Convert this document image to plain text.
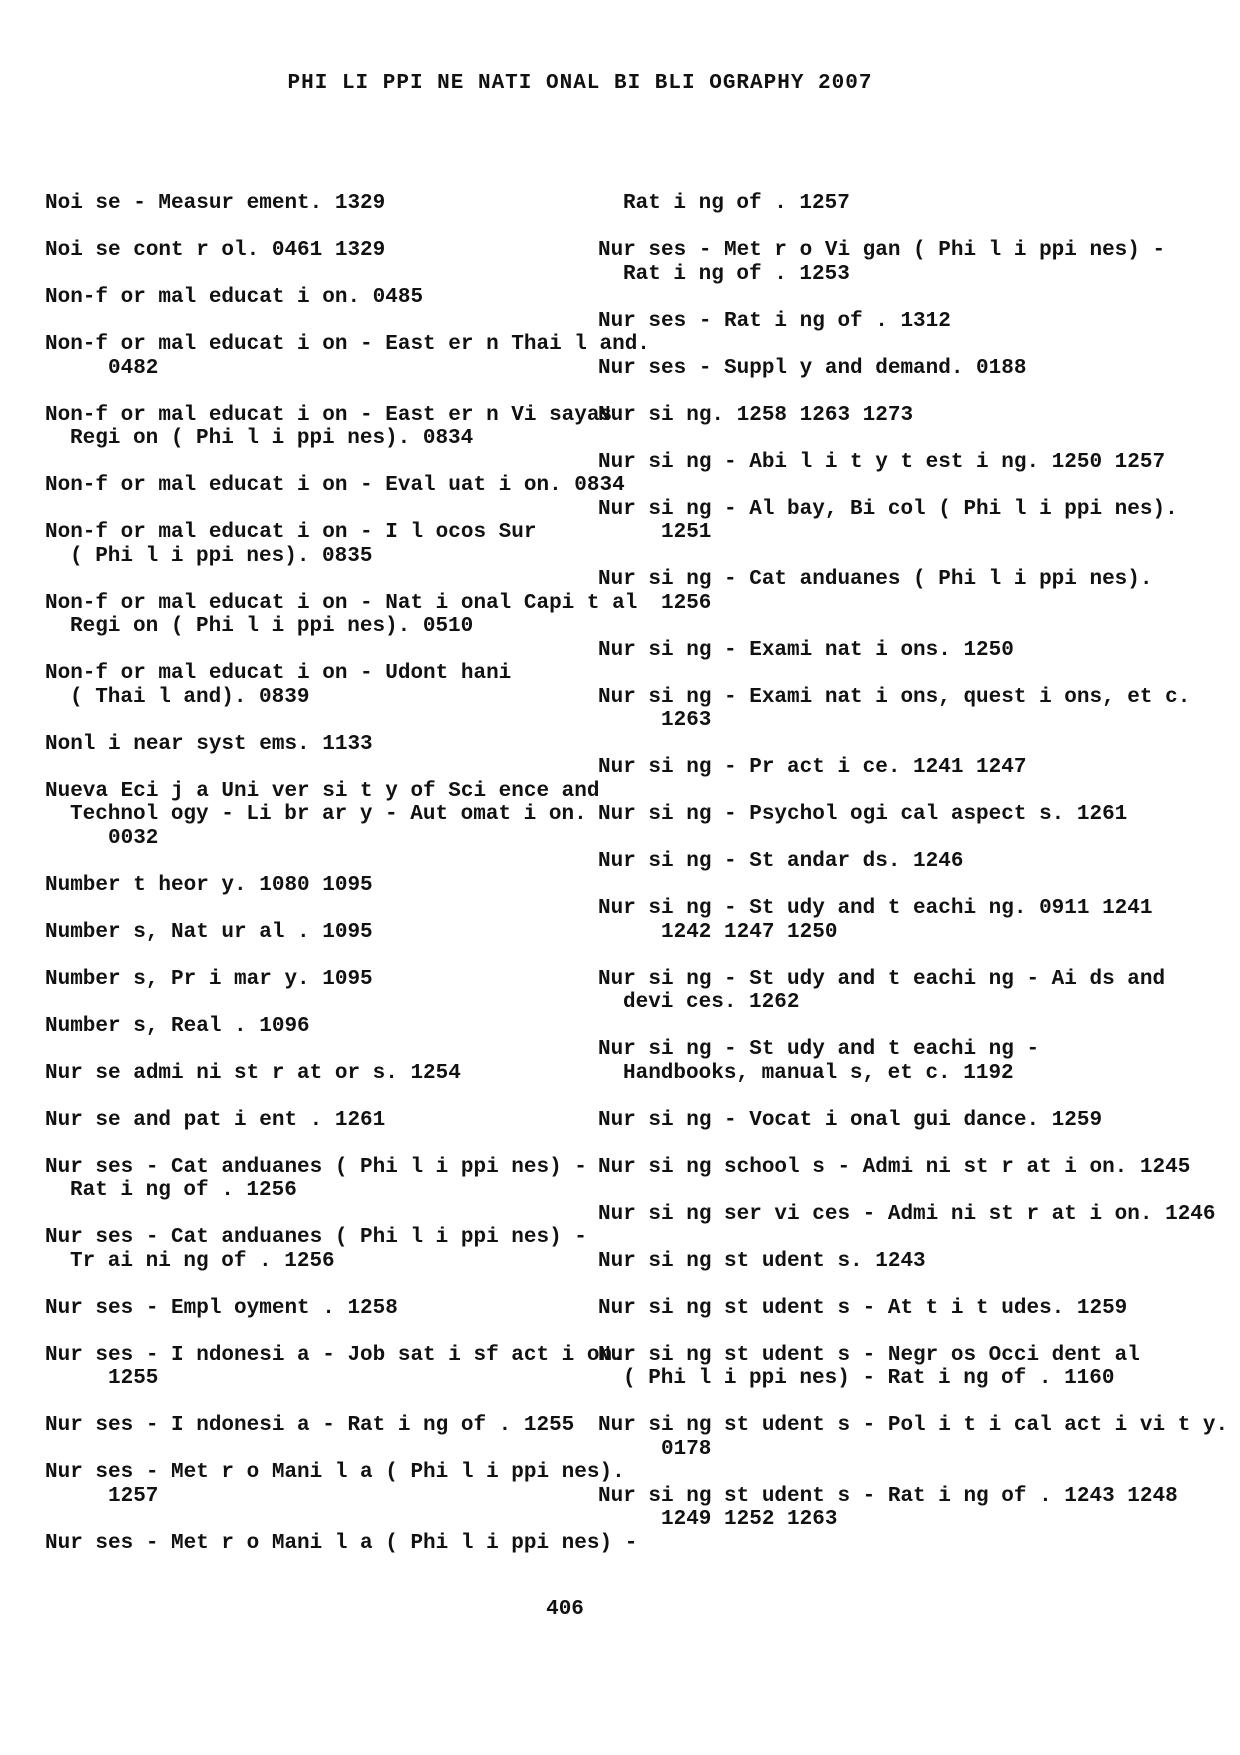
PHI LI PPI NE NATI ONAL BI BLI OGRAPHY 2007
Noi se - Measur ement. 1329
Noi se cont r ol. 0461 1329
Non-f or mal educat i on. 0485
Non-f or mal educat i on - East er n Thai l and.
0482
Non-f or mal educat i on - East er n Vi sayas
Regi on ( Phi l i ppi nes). 0834
Non-f or mal educat i on - Eval uat i on. 0834
Non-f or mal educat i on - I l ocos Sur
( Phi l i ppi nes). 0835
Non-f or mal educat i on - Nat i onal Capi t al
Regi on ( Phi l i ppi nes). 0510
Non-f or mal educat i on - Udont hani
( Thai l and). 0839
Nonl i near syst ems. 1133
Nueva Eci j a Uni ver si t y of Sci ence and
Technol ogy - Li br ar y - Aut omat i on.
0032
Number t heor y. 1080 1095
Number s, Nat ur al . 1095
Number s, Pr i mar y. 1095
Number s, Real . 1096
Nur se admi ni st r at or s. 1254
Nur se and pat i ent . 1261
Nur ses - Cat anduanes ( Phi l i ppi nes) -
Rat i ng of . 1256
Nur ses - Cat anduanes ( Phi l i ppi nes) -
Tr ai ni ng of . 1256
Nur ses - Empl oyment . 1258
Nur ses - I ndonesi a - Job sat i sf act i on.
1255
Nur ses - I ndonesi a - Rat i ng of . 1255
Nur ses - Met r o Mani l a ( Phi l i ppi nes).
1257
Nur ses - Met r o Mani l a ( Phi l i ppi nes) -
Rat i ng of . 1257
Nur ses - Met r o Vi gan ( Phi l i ppi nes) -
Rat i ng of . 1253
Nur ses - Rat i ng of . 1312
Nur ses - Suppl y and demand. 0188
Nur si ng. 1258 1263 1273
Nur si ng - Abi l i t y t est i ng. 1250 1257
Nur si ng - Al bay, Bi col ( Phi l i ppi nes).
1251
Nur si ng - Cat anduanes ( Phi l i ppi nes).
1256
Nur si ng - Exami nat i ons. 1250
Nur si ng - Exami nat i ons, quest i ons, et c.
1263
Nur si ng - Pr act i ce. 1241 1247
Nur si ng - Psychol ogi cal aspect s. 1261
Nur si ng - St andar ds. 1246
Nur si ng - St udy and t eachi ng. 0911 1241
1242 1247 1250
Nur si ng - St udy and t eachi ng - Ai ds and
devi ces. 1262
Nur si ng - St udy and t eachi ng -
Handbooks, manual s, et c. 1192
Nur si ng - Vocat i onal gui dance. 1259
Nur si ng school s - Admi ni st r at i on. 1245
Nur si ng ser vi ces - Admi ni st r at i on. 1246
Nur si ng st udent s. 1243
Nur si ng st udent s - At t i t udes. 1259
Nur si ng st udent s - Negr os Occi dent al
( Phi l i ppi nes) - Rat i ng of . 1160
Nur si ng st udent s - Pol i t i cal act i vi t y.
0178
Nur si ng st udent s - Rat i ng of . 1243 1248
1249 1252 1263
406
